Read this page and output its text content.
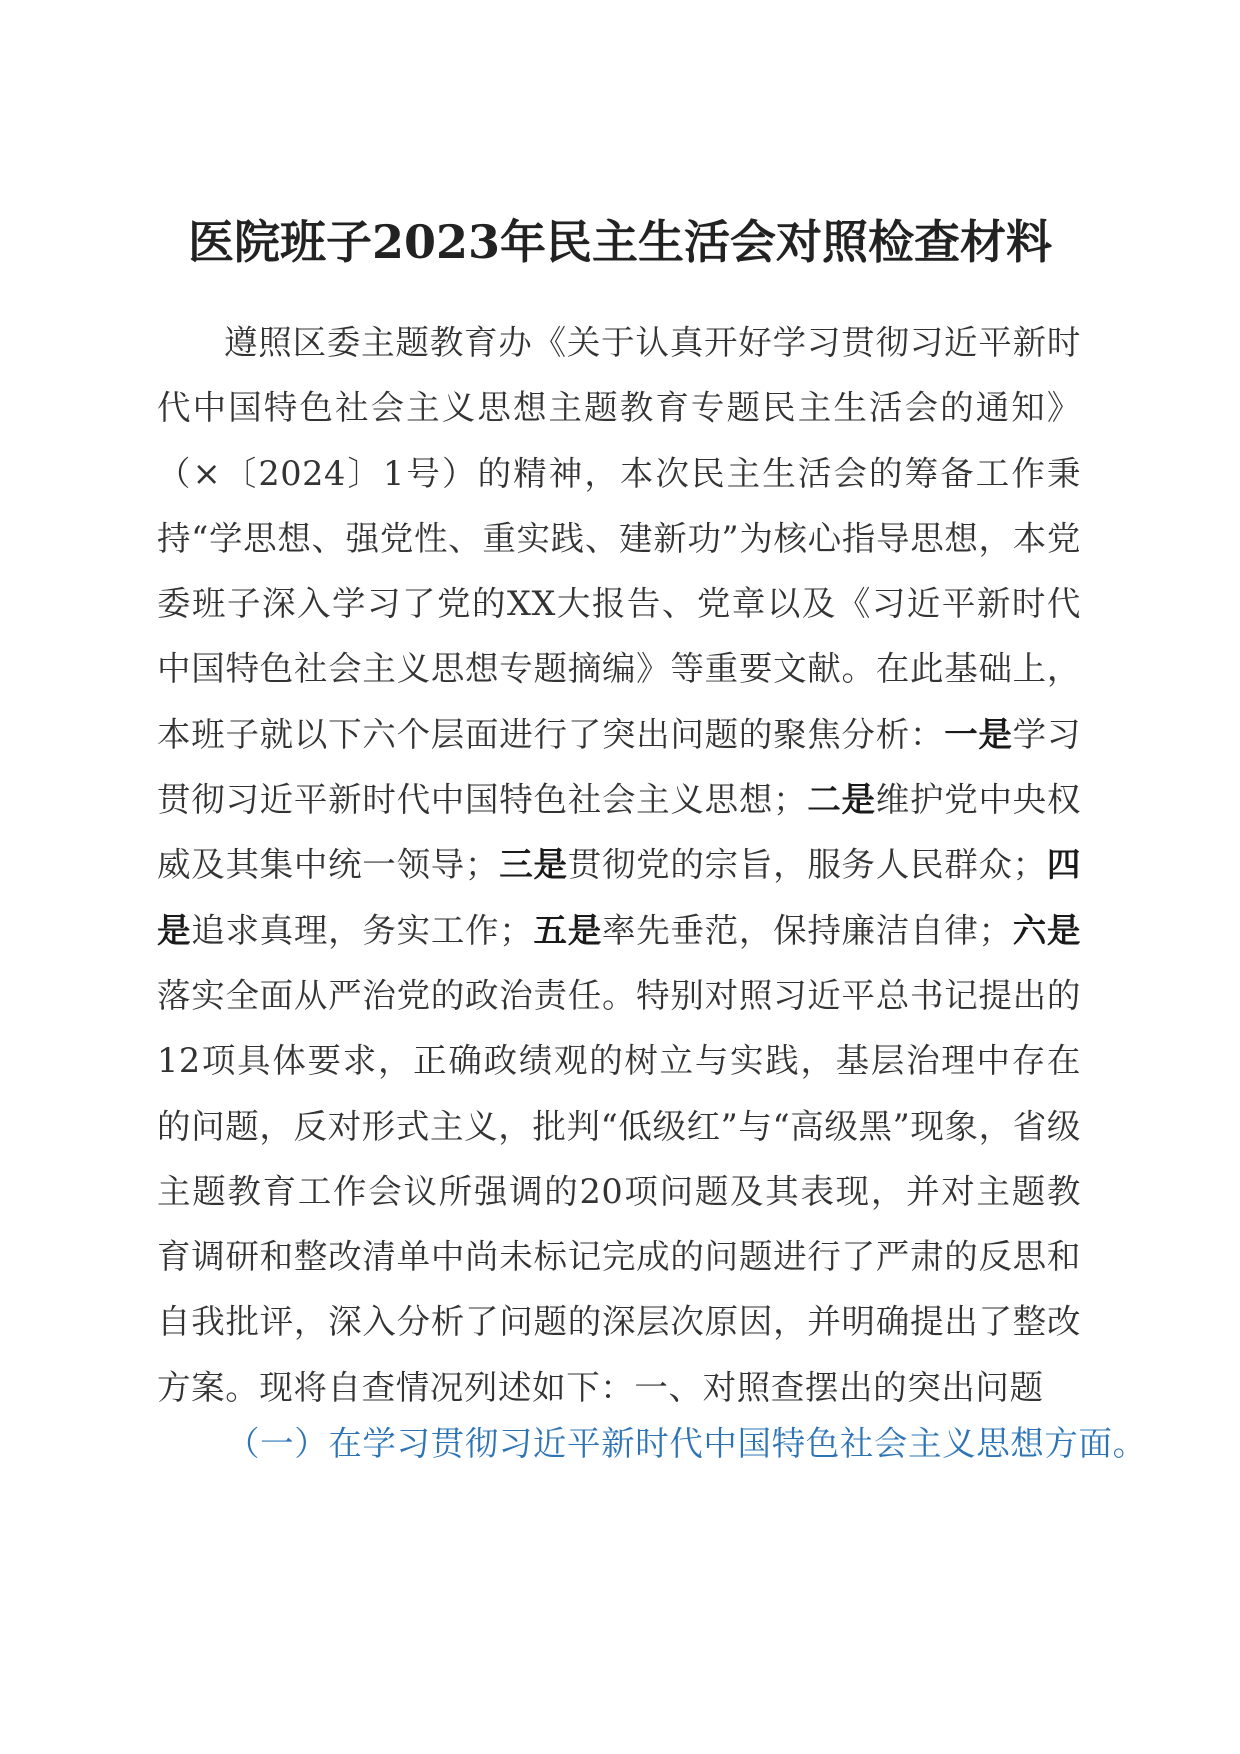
医院班子2023年民主生活会对照检查材料

遵照区委主题教育办《关于认真开好学习贯彻习近平新时代中国特色社会主义思想主题教育专题民主生活会的通知》（×〔2024〕1号）的精神，本次民主生活会的筹备工作秉持“学思想、强党性、重实践、建新功”为核心指导思想，本党委班子深入学习了党的XX大报告、党章以及《习近平新时代中国特色社会主义思想专题摘编》等重要文献。在此基础上，本班子就以下六个层面进行了突出问题的聚焦分析：一是学习贯彻习近平新时代中国特色社会主义思想；二是维护党中央权威及其集中统一领导；三是贯彻党的宗旨，服务人民群众；四是追求真理，务实工作；五是率先垂范，保持廉洁自律；六是落实全面从严治党的政治责任。特别对照习近平总书记提出的12项具体要求，正确政绩观的树立与实践，基层治理中存在的问题，反对形式主义，批判“低级红”与“高级黑”现象，省级主题教育工作会议所强调的20项问题及其表现，并对主题教育调研和整改清单中尚未标记完成的问题进行了严肃的反思和自我批评，深入分析了问题的深层次原因，并明确提出了整改方案。现将自查情况列述如下：一、对照查摆出的突出问题

（一）在学习贯彻习近平新时代中国特色社会主义思想方面。
